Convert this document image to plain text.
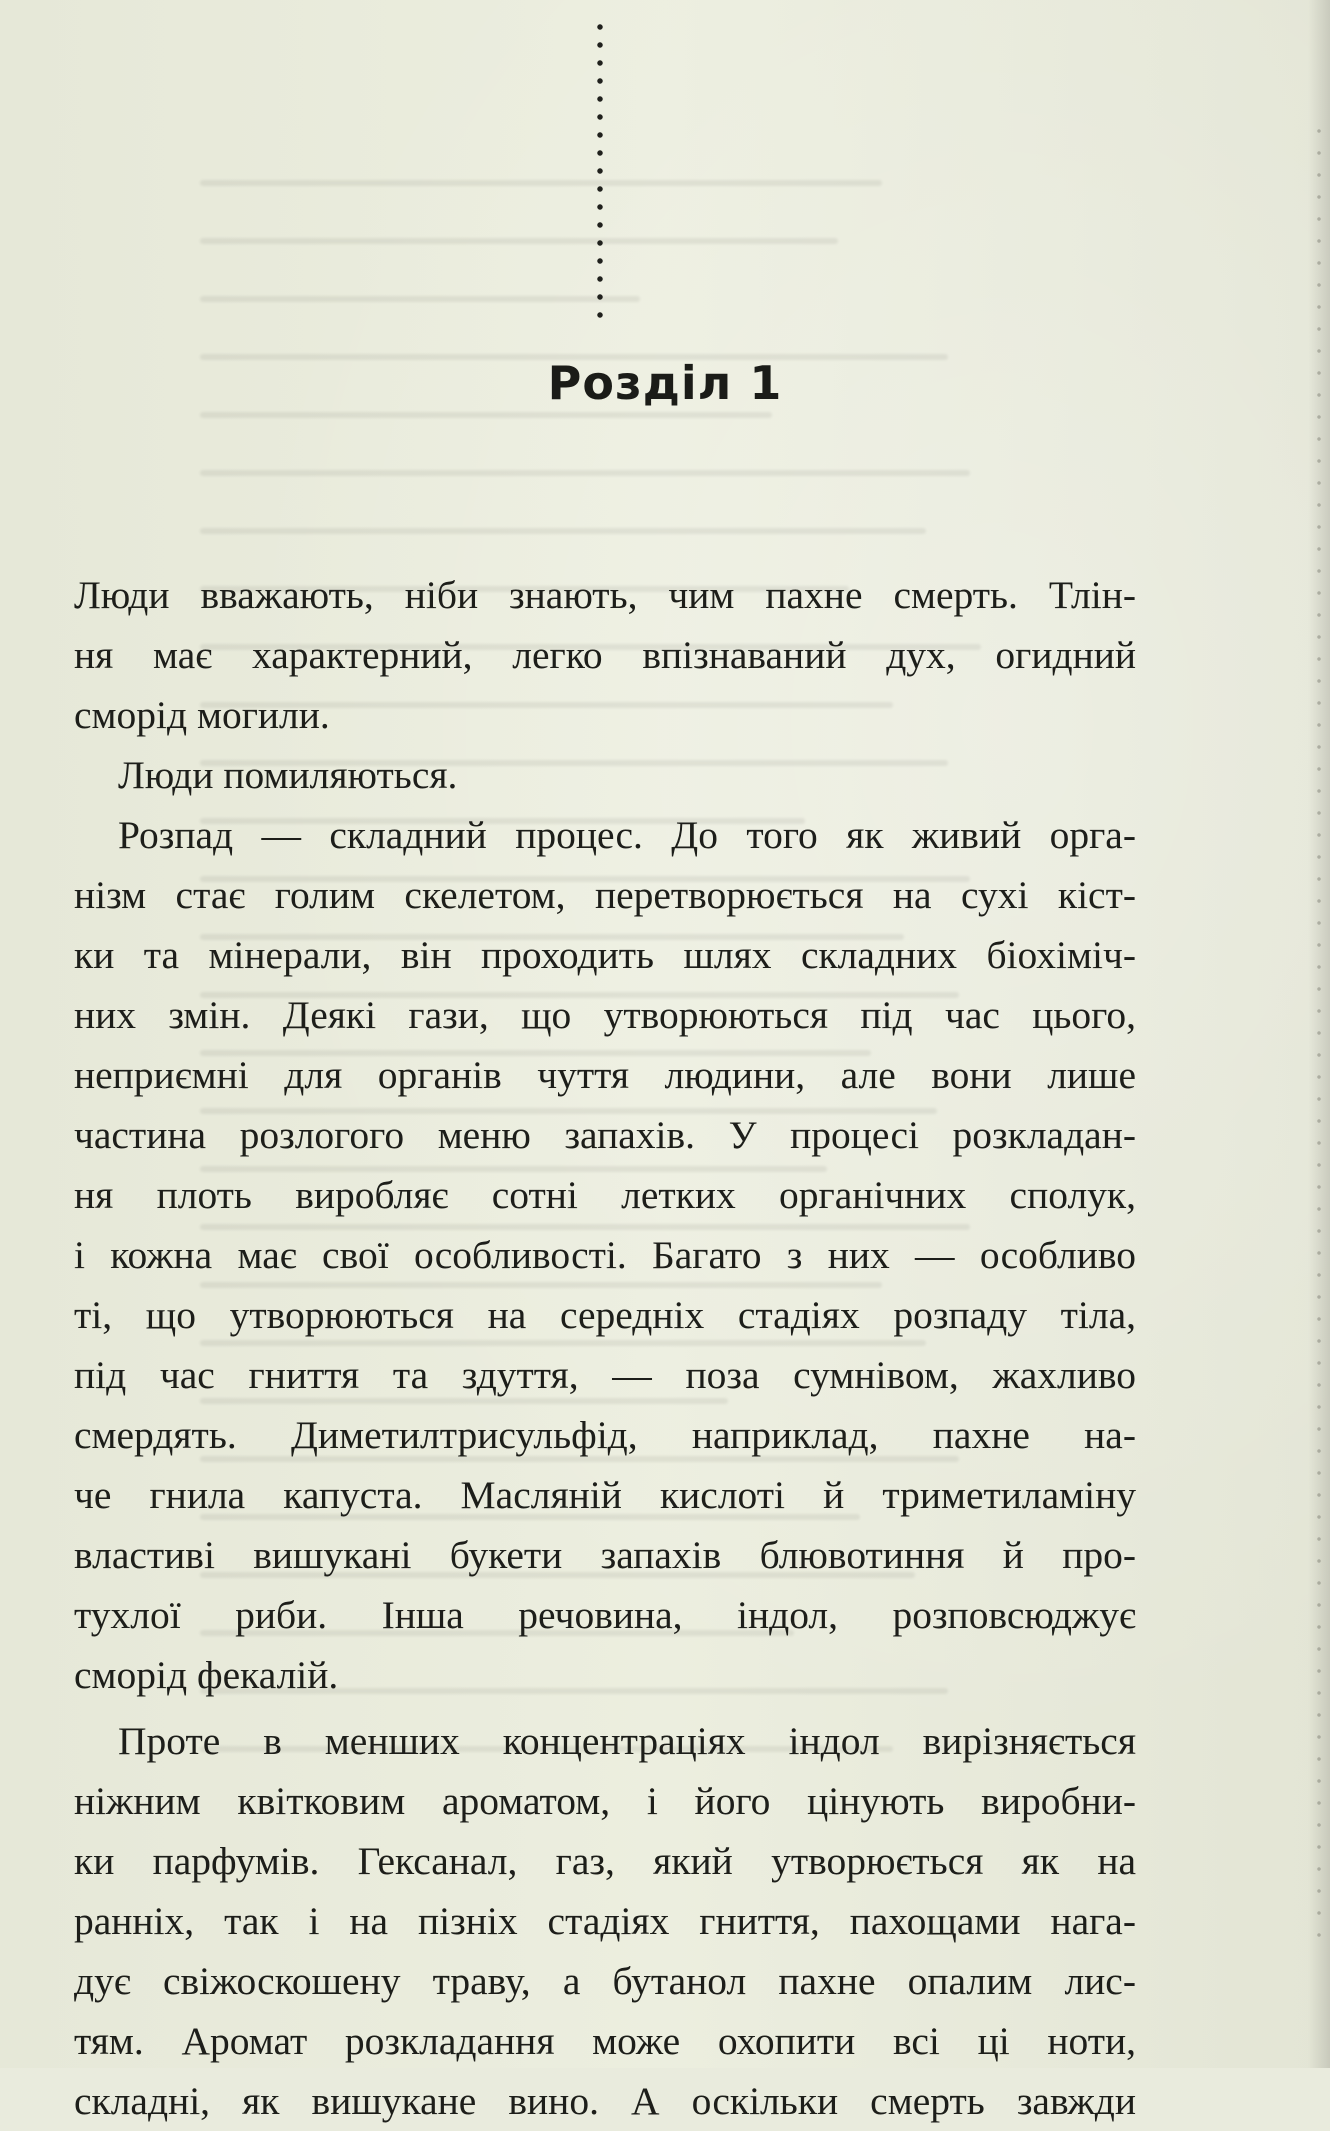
Розділ 1
Люди вважають, ніби знають, чим пахне смерть. Тлін-
ня має характерний, легко впізнаваний дух, огидний
сморід могили.
Люди помиляються.
Розпад — складний процес. До того як живий орга-
нізм стає голим скелетом, перетворюється на сухі кіст-
ки та мінерали, він проходить шлях складних біохіміч-
них змін. Деякі гази, що утворюються під час цього,
неприємні для органів чуття людини, але вони лише
частина розлогого меню запахів. У процесі розкладан-
ня плоть виробляє сотні летких органічних сполук,
і кожна має свої особливості. Багато з них — особливо
ті, що утворюються на середніх стадіях розпаду тіла,
під час гниття та здуття, — поза сумнівом, жахливо
смердять. Диметилтрисульфід, наприклад, пахне на-
че гнила капуста. Масляній кислоті й триметиламіну
властиві вишукані букети запахів блювотиння й про-
тухлої риби. Інша речовина, індол, розповсюджує
сморід фекалій.
Проте в менших концентраціях індол вирізняється
ніжним квітковим ароматом, і його цінують виробни-
ки парфумів. Гексанал, газ, який утворюється як на
ранніх, так і на пізніх стадіях гниття, пахощами нага-
дує свіжоскошену траву, а бутанол пахне опалим лис-
тям. Аромат розкладання може охопити всі ці ноти,
складні, як вишукане вино. А оскільки смерть завжди
